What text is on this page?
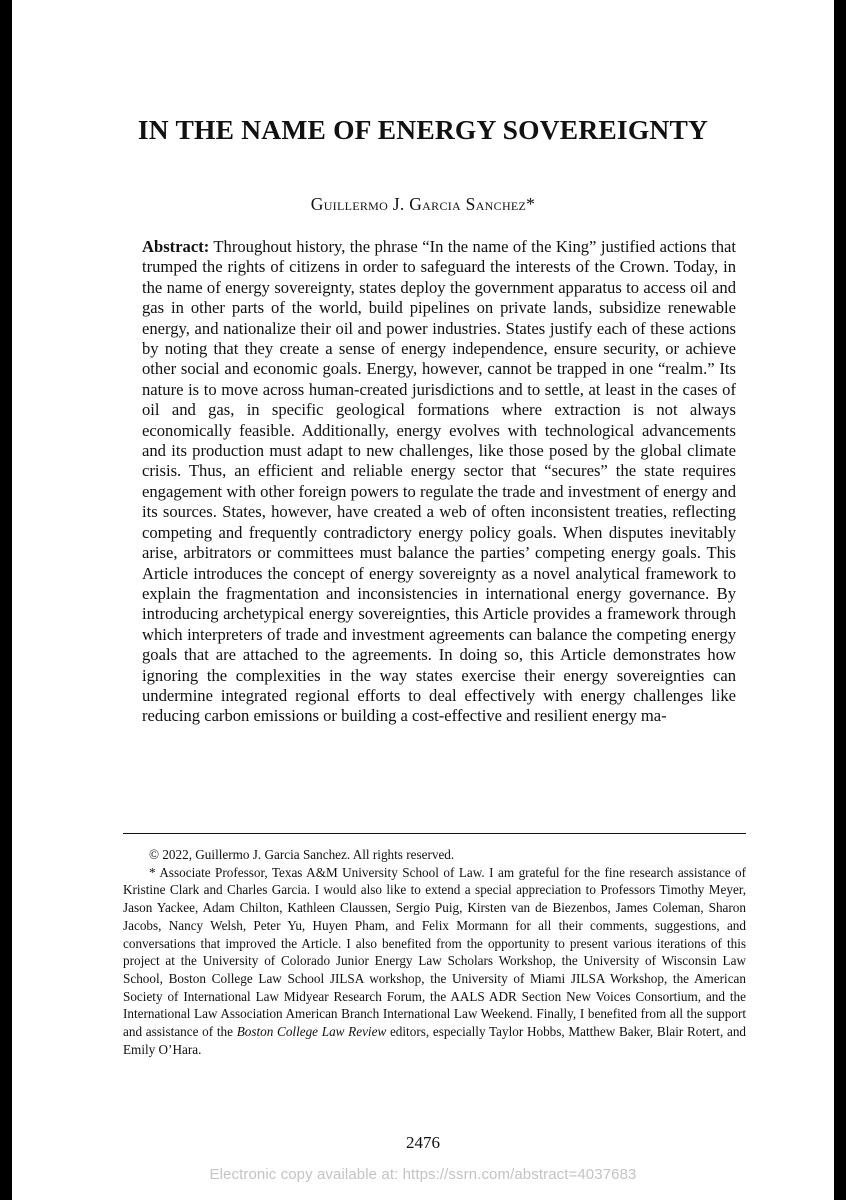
IN THE NAME OF ENERGY SOVEREIGNTY
Guillermo J. Garcia Sanchez*

Abstract: Throughout history, the phrase “In the name of the King” justified actions that trumped the rights of citizens in order to safeguard the interests of the Crown. Today, in the name of energy sovereignty, states deploy the government apparatus to access oil and gas in other parts of the world, build pipelines on private lands, subsidize renewable energy, and nationalize their oil and power industries. States justify each of these actions by noting that they create a sense of energy independence, ensure security, or achieve other social and economic goals. Energy, however, cannot be trapped in one “realm.” Its nature is to move across human-created jurisdictions and to settle, at least in the cases of oil and gas, in specific geological formations where extraction is not always economically feasible. Additionally, energy evolves with technological advancements and its production must adapt to new challenges, like those posed by the global climate crisis. Thus, an efficient and reliable energy sector that “secures” the state requires engagement with other foreign powers to regulate the trade and investment of energy and its sources. States, however, have created a web of often inconsistent treaties, reflecting competing and frequently contradictory energy policy goals. When disputes inevitably arise, arbitrators or committees must balance the parties’ competing energy goals. This Article introduces the concept of energy sovereignty as a novel analytical framework to explain the fragmentation and inconsistencies in international energy governance. By introducing archetypical energy sovereignties, this Article provides a framework through which interpreters of trade and investment agreements can balance the competing energy goals that are attached to the agreements. In doing so, this Article demonstrates how ignoring the complexities in the way states exercise their energy sovereignties can undermine integrated regional efforts to deal effectively with energy challenges like reducing carbon emissions or building a cost-effective and resilient energy ma-

© 2022, Guillermo J. Garcia Sanchez. All rights reserved.

* Associate Professor, Texas A&M University School of Law. I am grateful for the fine research assistance of Kristine Clark and Charles Garcia. I would also like to extend a special appreciation to Professors Timothy Meyer, Jason Yackee, Adam Chilton, Kathleen Claussen, Sergio Puig, Kirsten van de Biezenbos, James Coleman, Sharon Jacobs, Nancy Welsh, Peter Yu, Huyen Pham, and Felix Mormann for all their comments, suggestions, and conversations that improved the Article. I also benefited from the opportunity to present various iterations of this project at the University of Colorado Junior Energy Law Scholars Workshop, the University of Wisconsin Law School, Boston College Law School JILSA workshop, the University of Miami JILSA Workshop, the American Society of International Law Midyear Research Forum, the AALS ADR Section New Voices Consortium, and the International Law Association American Branch International Law Weekend. Finally, I benefited from all the support and assistance of the Boston College Law Review editors, especially Taylor Hobbs, Matthew Baker, Blair Rotert, and Emily O’Hara.

2476
Electronic copy available at: https://ssrn.com/abstract=4037683
